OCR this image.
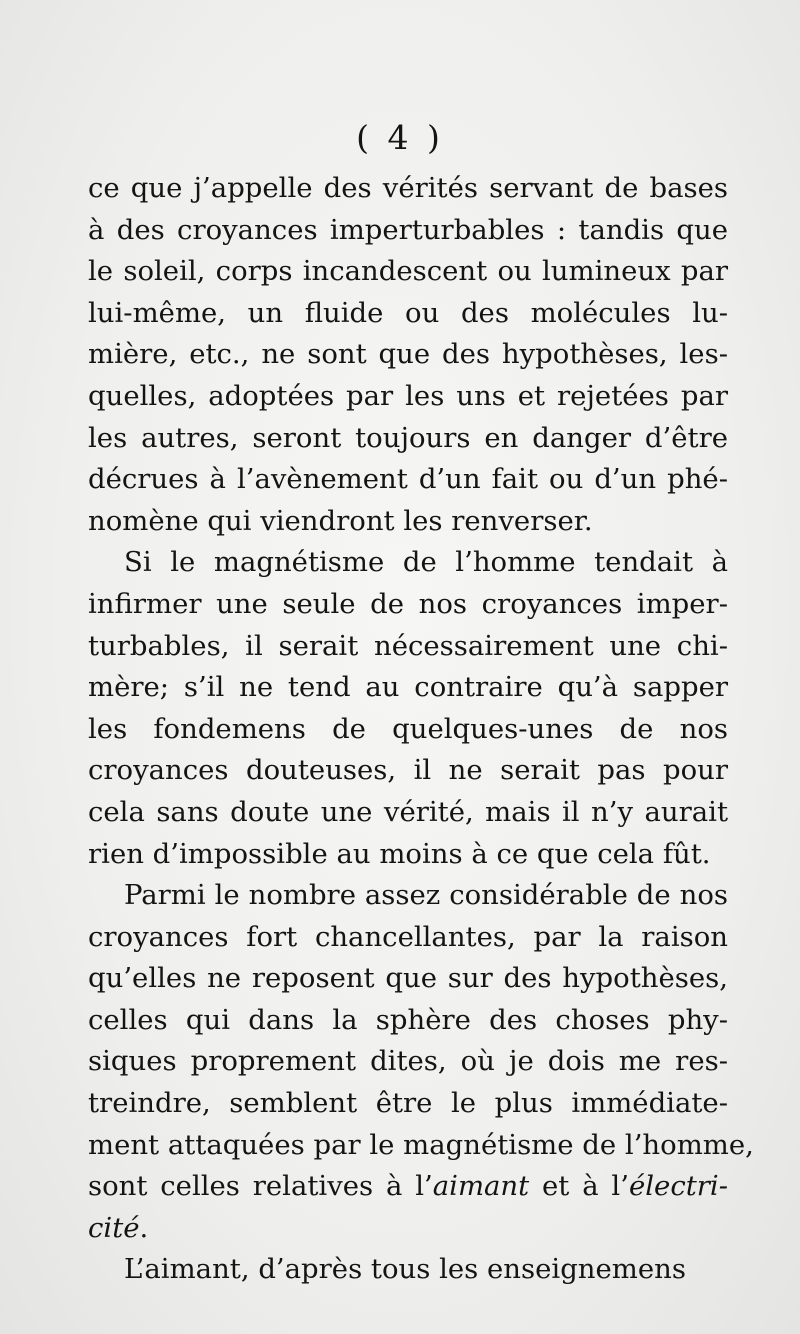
( 4 )
ce que j’appelle des vérités servant de bases
à des croyances imperturbables : tandis que
le soleil, corps incandescent ou lumineux par
lui-même, un fluide ou des molécules lu-
mière, etc., ne sont que des hypothèses, les-
quelles, adoptées par les uns et rejetées par
les autres, seront toujours en danger d’être
décrues à l’avènement d’un fait ou d’un phé-
nomène qui viendront les renverser.
Si le magnétisme de l’homme tendait à
infirmer une seule de nos croyances imper-
turbables, il serait nécessairement une chi-
mère; s’il ne tend au contraire qu’à sapper
les fondemens de quelques-unes de nos
croyances douteuses, il ne serait pas pour
cela sans doute une vérité, mais il n’y aurait
rien d’impossible au moins à ce que cela fût.
Parmi le nombre assez considérable de nos
croyances fort chancellantes, par la raison
qu’elles ne reposent que sur des hypothèses,
celles qui dans la sphère des choses phy-
siques proprement dites, où je dois me res-
treindre, semblent être le plus immédiate-
ment attaquées par le magnétisme de l’homme,
sont celles relatives à l’aimant et à l’électri-
cité.
L’aimant, d’après tous les enseignemens
